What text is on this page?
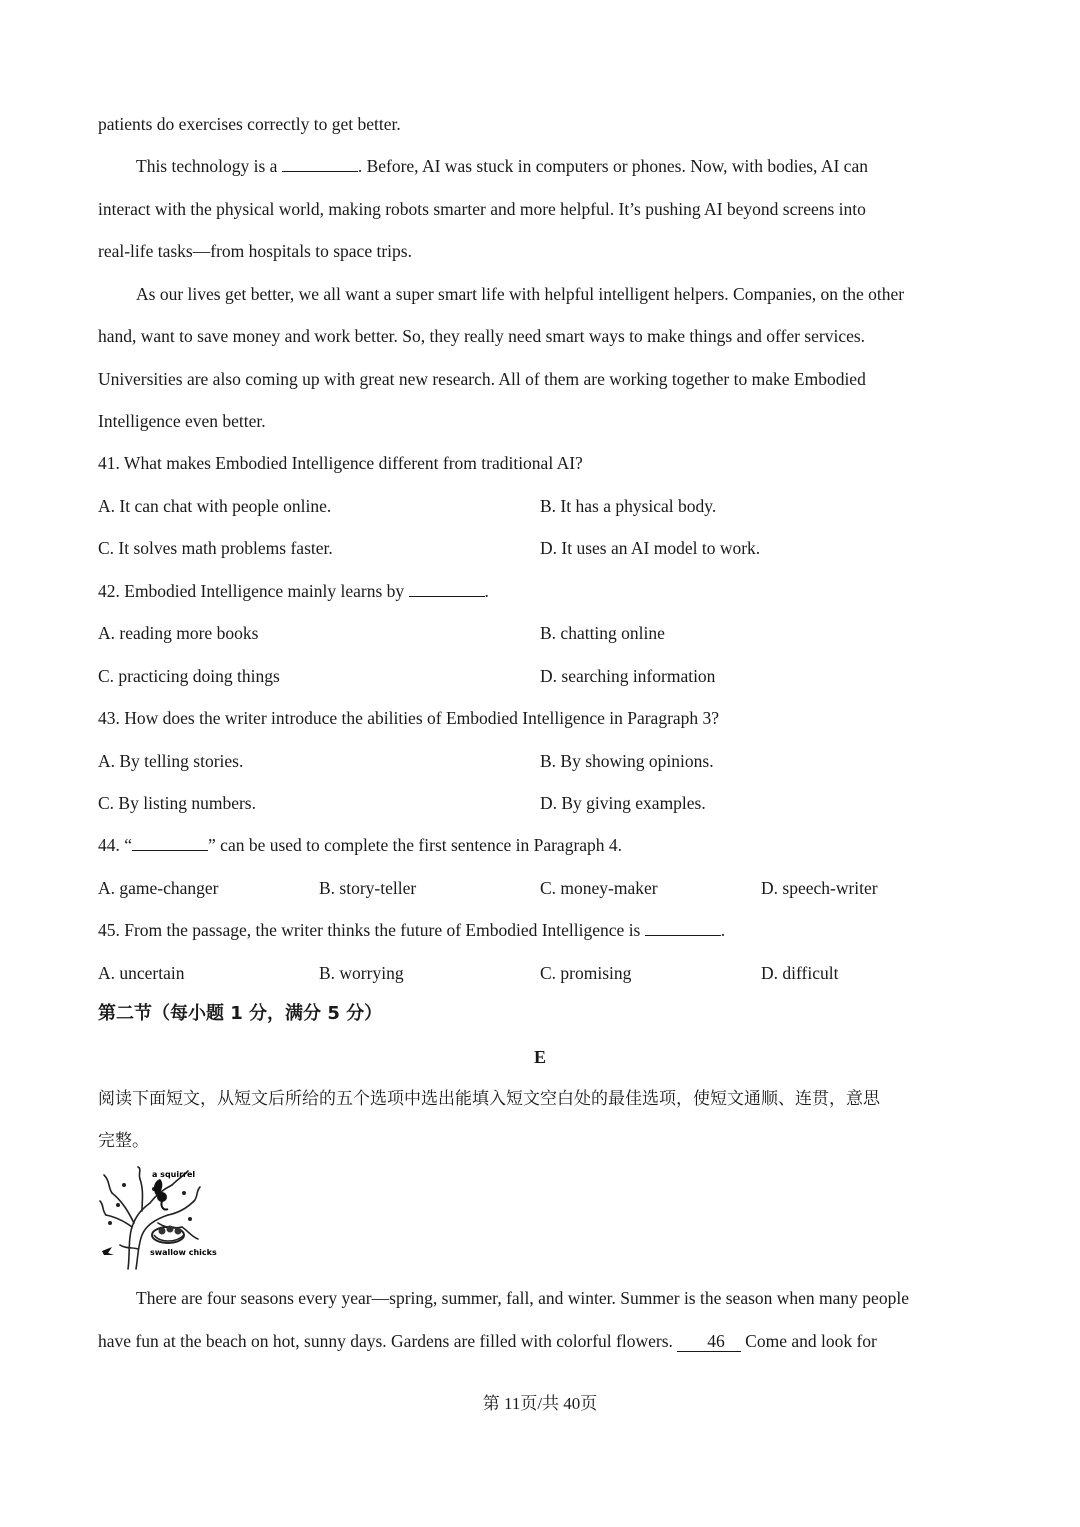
patients do exercises correctly to get better.
This technology is a	. Before, AI was stuck in computers or phones. Now, with bodies, AI can
interact with the physical world, making robots smarter and more helpful. It’s pushing AI beyond screens into
real-life tasks—from hospitals to space trips.
As our lives get better, we all want a super smart life with helpful intelligent helpers. Companies, on the other
hand, want to save money and work better. So, they really need smart ways to make things and offer services.
Universities are also coming up with great new research. All of them are working together to make Embodied
Intelligence even better.
41. What makes Embodied Intelligence different from traditional AI?
A. It can chat with people online.	B. It has a physical body.
C. It solves math problems faster.	D. It uses an AI model to work.
42. Embodied Intelligence mainly learns by	.
A. reading more books	B. chatting online
C. practicing doing things	D. searching information
43. How does the writer introduce the abilities of Embodied Intelligence in Paragraph 3?
A. By telling stories.	B. By showing opinions.
C. By listing numbers.	D. By giving examples.
44. “	” can be used to complete the first sentence in Paragraph 4.
A. game-changer	B. story-teller	C. money-maker	D. speech-writer
45. From the passage, the writer thinks the future of Embodied Intelligence is	.
A. uncertain	B. worrying	C. promising	D. difficult
第二节（每小题 1 分，满分 5 分）
E
阅读下面短文，从短文后所给的五个选项中选出能填入短文空白处的最佳选项，使短文通顺、连贯，意思
完整。
a squirrel
swallow chicks
There are four seasons every year—spring, summer, fall, and winter. Summer is the season when many people
have fun at the beach on hot, sunny days. Gardens are filled with colorful flowers. 46 Come and look for
第 11页/共 40页
